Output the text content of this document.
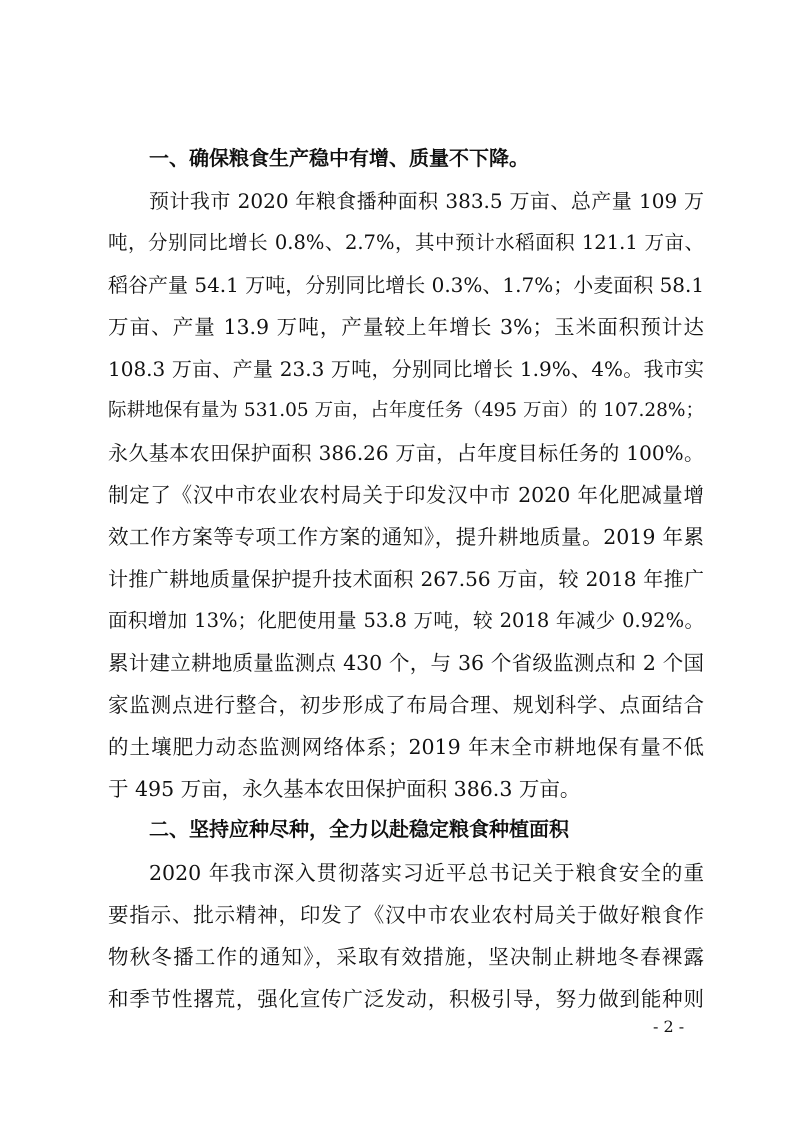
一、确保粮食生产稳中有增、质量不下降。
预计我市 2020 年粮食播种面积 383.5 万亩、总产量 109 万
吨，分别同比增长 0.8%、2.7%，其中预计水稻面积 121.1 万亩、
稻谷产量 54.1 万吨，分别同比增长 0.3%、1.7%；小麦面积 58.1
万亩、产量 13.9 万吨，产量较上年增长 3%；玉米面积预计达
108.3 万亩、产量 23.3 万吨，分别同比增长 1.9%、4%。我市实
际耕地保有量为 531.05 万亩，占年度任务（495 万亩）的 107.28%；
永久基本农田保护面积 386.26 万亩，占年度目标任务的 100%。
制定了《汉中市农业农村局关于印发汉中市 2020 年化肥减量增
效工作方案等专项工作方案的通知》，提升耕地质量。2019 年累
计推广耕地质量保护提升技术面积 267.56 万亩，较 2018 年推广
面积增加 13%；化肥使用量 53.8 万吨，较 2018 年减少 0.92%。
累计建立耕地质量监测点 430 个，与 36 个省级监测点和 2 个国
家监测点进行整合，初步形成了布局合理、规划科学、点面结合
的土壤肥力动态监测网络体系；2019 年末全市耕地保有量不低
于 495 万亩，永久基本农田保护面积 386.3 万亩。
二、坚持应种尽种，全力以赴稳定粮食种植面积
2020 年我市深入贯彻落实习近平总书记关于粮食安全的重
要指示、批示精神，印发了《汉中市农业农村局关于做好粮食作
物秋冬播工作的通知》，采取有效措施，坚决制止耕地冬春裸露
和季节性撂荒，强化宣传广泛发动，积极引导，努力做到能种则
- 2 -
